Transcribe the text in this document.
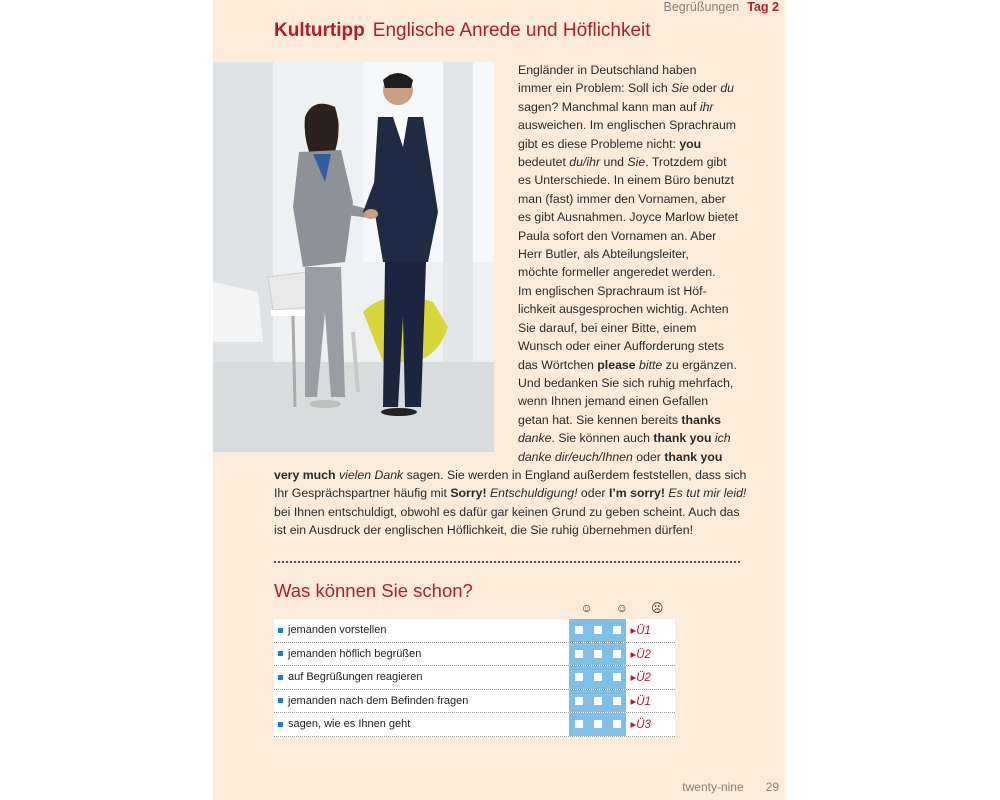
Begrüßungen Tag 2
Kulturtipp Englische Anrede und Höflichkeit
Engländer in Deutschland haben
immer ein Problem: Soll ich Sie oder du
sagen? Manchmal kann man auf ihr
ausweichen. Im englischen Sprachraum
gibt es diese Probleme nicht: you
bedeutet du/ihr und Sie. Trotzdem gibt
es Unterschiede. In einem Büro benutzt
man (fast) immer den Vornamen, aber
es gibt Ausnahmen. Joyce Marlow bietet
Paula sofort den Vornamen an. Aber
Herr Butler, als Abteilungsleiter,
möchte formeller angeredet werden.
Im englischen Sprachraum ist Höf-
lichkeit ausgesprochen wichtig. Achten
Sie darauf, bei einer Bitte, einem
Wunsch oder einer Aufforderung stets
das Wörtchen please bitte zu ergänzen.
Und bedanken Sie sich ruhig mehrfach,
wenn Ihnen jemand einen Gefallen
getan hat. Sie kennen bereits thanks
danke. Sie können auch thank you ich
danke dir/euch/Ihnen oder thank you
very much vielen Dank sagen. Sie werden in England außerdem feststellen, dass sich
Ihr Gesprächspartner häufig mit Sorry! Entschuldigung! oder I’m sorry! Es tut mir leid!
bei Ihnen entschuldigt, obwohl es dafür gar keinen Grund zu geben scheint. Auch das
ist ein Ausdruck der englischen Höflichkeit, die Sie ruhig übernehmen dürfen!
Was können Sie schon?
☺ ☺ ☹
jemanden vorstellen	▸Ü1
jemanden höflich begrüßen	▸Ü2
auf Begrüßungen reagieren	▸Ü2
jemanden nach dem Befinden fragen	▸Ü1
sagen, wie es Ihnen geht	▸Ü3
twenty-nine 29
